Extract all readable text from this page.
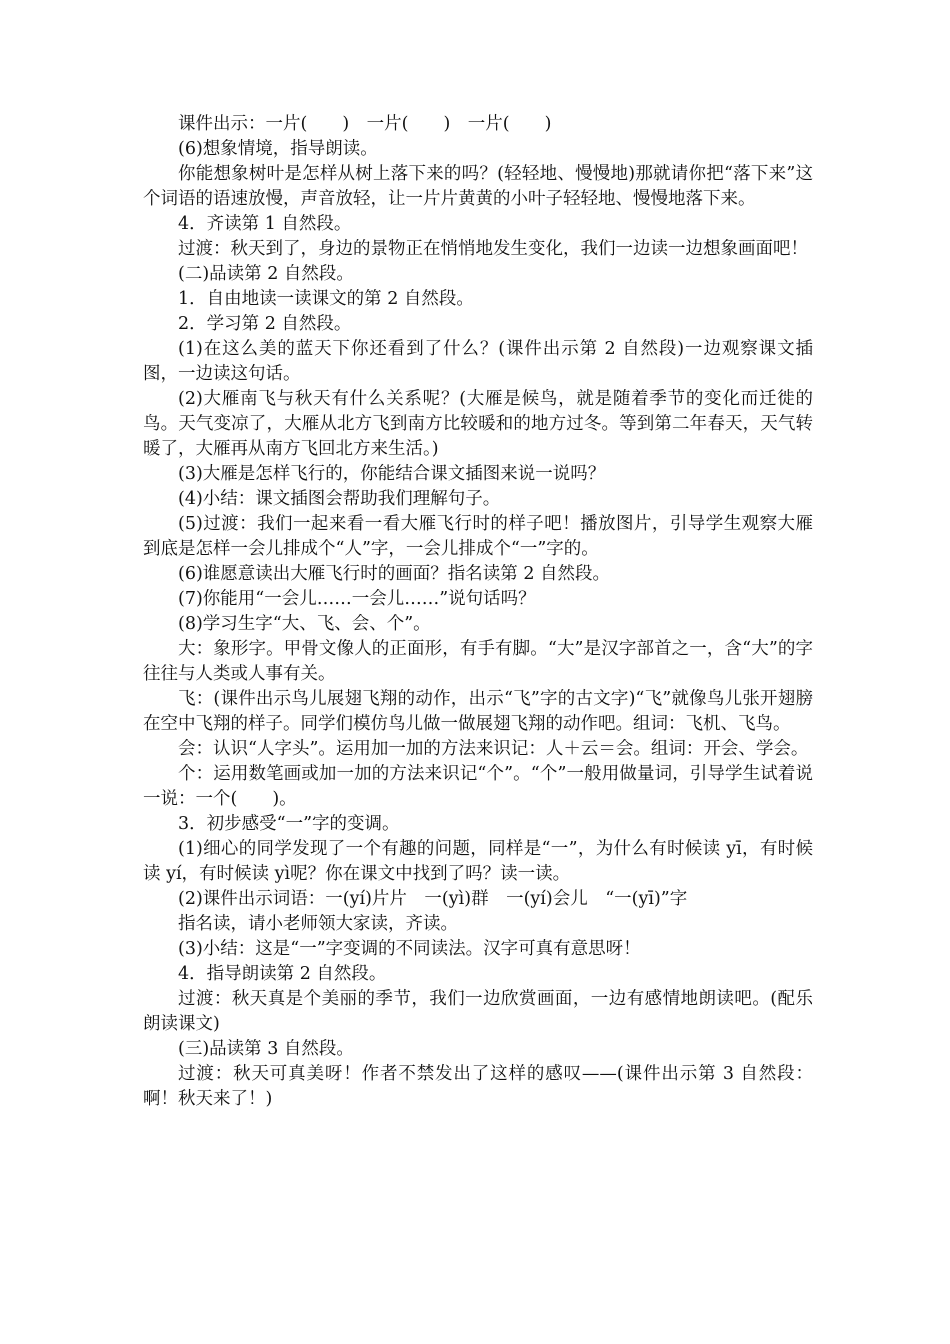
课件出示：一片(　　)　一片(　　)　一片(　　)

(6)想象情境，指导朗读。

你能想象树叶是怎样从树上落下来的吗？(轻轻地、慢慢地)那就请你把“落下来”这个词语的语速放慢，声音放轻，让一片片黄黄的小叶子轻轻地、慢慢地落下来。

4．齐读第 1 自然段。

过渡：秋天到了，身边的景物正在悄悄地发生变化，我们一边读一边想象画面吧！

(二)品读第 2 自然段。

1．自由地读一读课文的第 2 自然段。

2．学习第 2 自然段。

(1)在这么美的蓝天下你还看到了什么？(课件出示第 2 自然段)一边观察课文插图，一边读这句话。

(2)大雁南飞与秋天有什么关系呢？(大雁是候鸟，就是随着季节的变化而迁徙的鸟。天气变凉了，大雁从北方飞到南方比较暖和的地方过冬。等到第二年春天，天气转暖了，大雁再从南方飞回北方来生活。)

(3)大雁是怎样飞行的，你能结合课文插图来说一说吗？

(4)小结：课文插图会帮助我们理解句子。

(5)过渡：我们一起来看一看大雁飞行时的样子吧！播放图片，引导学生观察大雁到底是怎样一会儿排成个“人”字，一会儿排成个“一”字的。

(6)谁愿意读出大雁飞行时的画面？指名读第 2 自然段。

(7)你能用“一会儿……一会儿……”说句话吗？

(8)学习生字“大、飞、会、个”。

大：象形字。甲骨文像人的正面形，有手有脚。“大”是汉字部首之一，含“大”的字往往与人类或人事有关。

飞：(课件出示鸟儿展翅飞翔的动作，出示“飞”字的古文字)“飞”就像鸟儿张开翅膀在空中飞翔的样子。同学们模仿鸟儿做一做展翅飞翔的动作吧。组词：飞机、飞鸟。

会：认识“人字头”。运用加一加的方法来识记：人＋云＝会。组词：开会、学会。

个：运用数笔画或加一加的方法来识记“个”。“个”一般用做量词，引导学生试着说一说：一个(　　)。

3．初步感受“一”字的变调。

(1)细心的同学发现了一个有趣的问题，同样是“一”，为什么有时候读 yī，有时候读 yí，有时候读 yì呢？你在课文中找到了吗？读一读。

(2)课件出示词语：一(yí)片片　一(yì)群　一(yí)会儿　“一(yī)”字

指名读，请小老师领大家读，齐读。

(3)小结：这是“一”字变调的不同读法。汉字可真有意思呀！

4．指导朗读第 2 自然段。

过渡：秋天真是个美丽的季节，我们一边欣赏画面，一边有感情地朗读吧。(配乐朗读课文)

(三)品读第 3 自然段。

过渡：秋天可真美呀！作者不禁发出了这样的感叹——(课件出示第 3 自然段：啊！秋天来了！)
